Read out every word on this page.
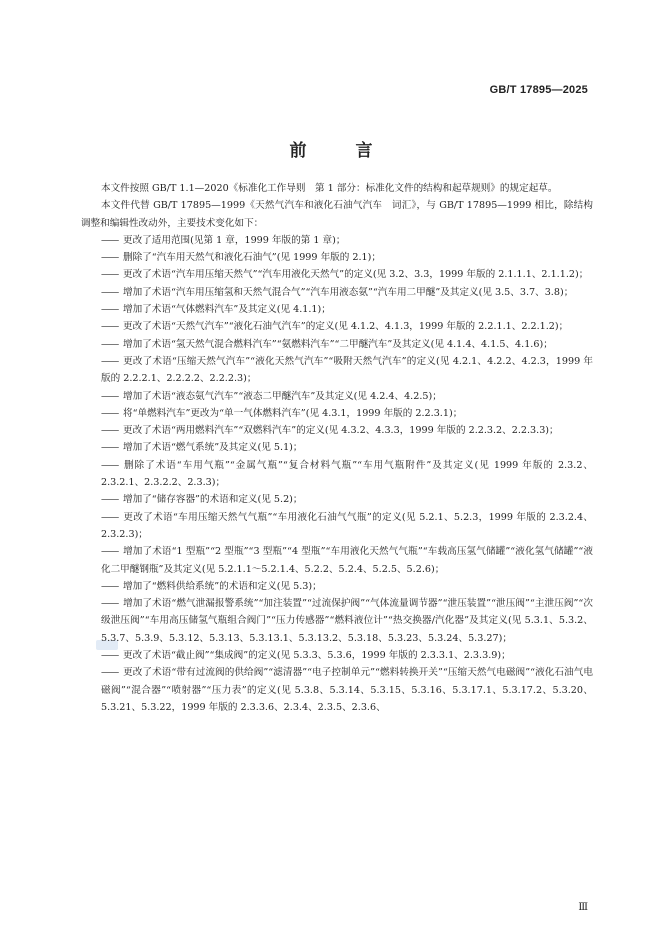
GB/T 17895—2025
前　言

本文件按照 GB/T 1.1—2020《标准化工作导则　第 1 部分：标准化文件的结构和起草规则》的规定起草。

本文件代替 GB/T 17895—1999《天然气汽车和液化石油气汽车　词汇》，与 GB/T 17895—1999 相比，除结构调整和编辑性改动外，主要技术变化如下：

—— 更改了适用范围(见第 1 章，1999 年版的第 1 章)；

—— 删除了“汽车用天然气和液化石油气”(见 1999 年版的 2.1)；

—— 更改了术语“汽车用压缩天然气”“汽车用液化天然气”的定义(见 3.2、3.3，1999 年版的 2.1.1.1、2.1.1.2)；

—— 增加了术语“汽车用压缩氢和天然气混合气”“汽车用液态氨”“汽车用二甲醚”及其定义(见 3.5、3.7、3.8)；

—— 增加了术语“气体燃料汽车”及其定义(见 4.1.1)；

—— 更改了术语“天然气汽车”“液化石油气汽车”的定义(见 4.1.2、4.1.3，1999 年版的 2.2.1.1、2.2.1.2)；

—— 增加了术语“氢天然气混合燃料汽车”“氨燃料汽车”“二甲醚汽车”及其定义(见 4.1.4、4.1.5、4.1.6)；

—— 更改了术语“压缩天然气汽车”“液化天然气汽车”“吸附天然气汽车”的定义(见 4.2.1、4.2.2、4.2.3，1999 年版的 2.2.2.1、2.2.2.2、2.2.2.3)；

—— 增加了术语“液态氨气汽车”“液态二甲醚汽车”及其定义(见 4.2.4、4.2.5)；

—— 将“单燃料汽车”更改为“单一气体燃料汽车”(见 4.3.1，1999 年版的 2.2.3.1)；

—— 更改了术语“两用燃料汽车”“双燃料汽车”的定义(见 4.3.2、4.3.3，1999 年版的 2.2.3.2、2.2.3.3)；

—— 增加了术语“燃气系统”及其定义(见 5.1)；

—— 删除了术语“车用气瓶”“金属气瓶”“复合材料气瓶”“车用气瓶附件”及其定义(见 1999 年版的 2.3.2、2.3.2.1、2.3.2.2、2.3.3)；

—— 增加了“储存容器”的术语和定义(见 5.2)；

—— 更改了术语“车用压缩天然气气瓶”“车用液化石油气气瓶”的定义(见 5.2.1、5.2.3，1999 年版的 2.3.2.4、2.3.2.3)；

—— 增加了术语“1 型瓶”“2 型瓶”“3 型瓶”“4 型瓶”“车用液化天然气气瓶”“车载高压氢气储罐”“液化氢气储罐”“液化二甲醚钢瓶”及其定义(见 5.2.1.1～5.2.1.4、5.2.2、5.2.4、5.2.5、5.2.6)；

—— 增加了“燃料供给系统”的术语和定义(见 5.3)；

—— 增加了术语“燃气泄漏报警系统”“加注装置”“过流保护阀”“气体流量调节器”“泄压装置”“泄压阀”“主泄压阀”“次级泄压阀”“车用高压储氢气瓶组合阀门”“压力传感器”“燃料液位计”“热交换器/汽化器”及其定义(见 5.3.1、5.3.2、5.3.7、5.3.9、5.3.12、5.3.13、5.3.13.1、5.3.13.2、5.3.18、5.3.23、5.3.24、5.3.27)；

—— 更改了术语“截止阀”“集成阀”的定义(见 5.3.3、5.3.6，1999 年版的 2.3.3.1、2.3.3.9)；

—— 更改了术语“带有过流阀的供给阀”“滤清器”“电子控制单元”“燃料转换开关”“压缩天然气电磁阀”“液化石油气电磁阀”“混合器”“喷射器”“压力表”的定义(见 5.3.8、5.3.14、5.3.15、5.3.16、5.3.17.1、5.3.17.2、5.3.20、5.3.21、5.3.22，1999 年版的 2.3.3.6、2.3.4、2.3.5、2.3.6、

Ⅲ
